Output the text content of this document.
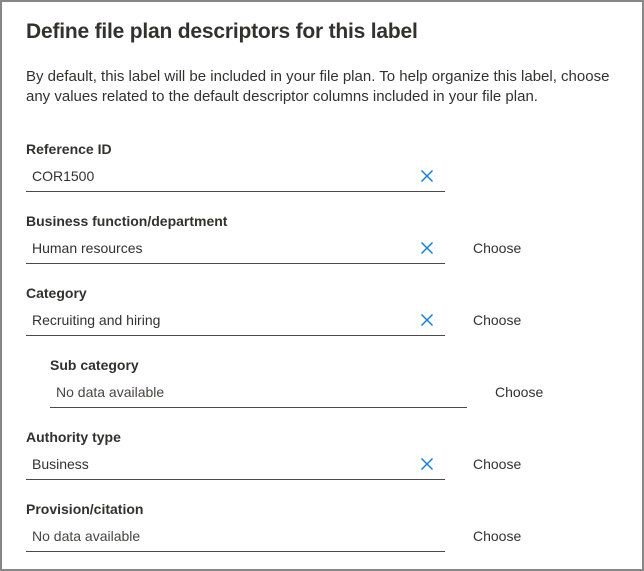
Define file plan descriptors for this label

By default, this label will be included in your file plan. To help organize this label, choose any values related to the default descriptor columns included in your file plan.

Reference ID
COR1500
Business function/department
Human resources	Choose
Category
Recruiting and hiring	Choose
Sub category
No data available	Choose
Authority type
Business	Choose
Provision/citation
No data available	Choose
